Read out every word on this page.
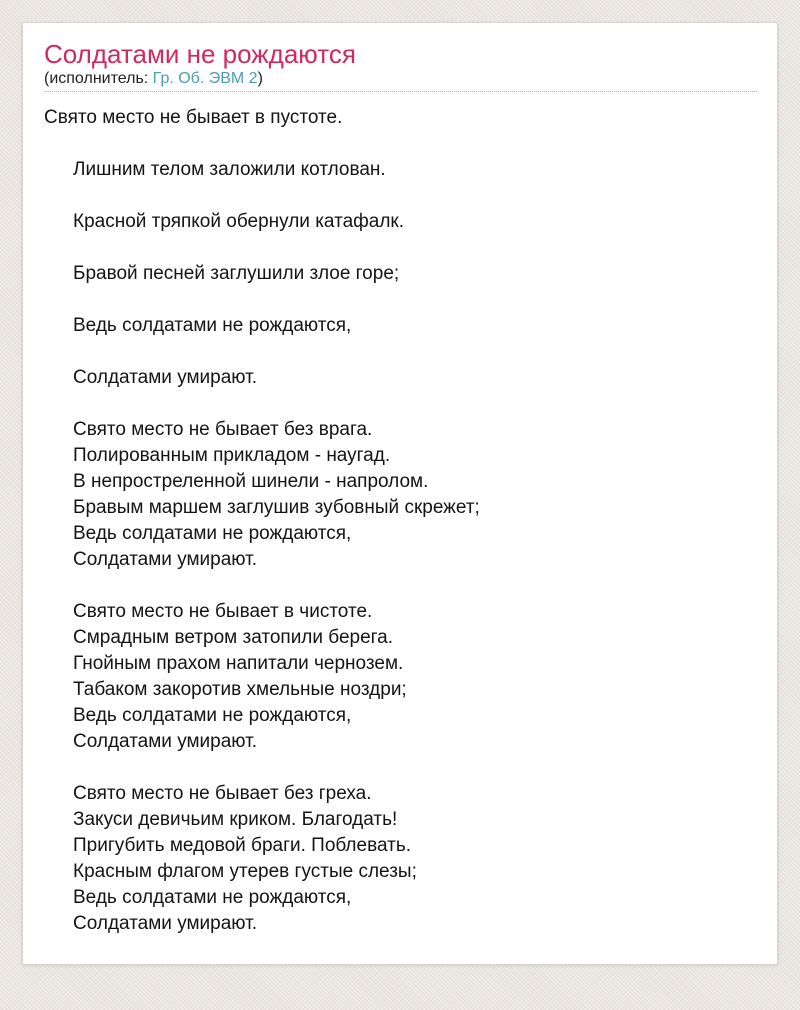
Солдатами не рождаются
(исполнитель: Гр. Об. ЭВМ 2)
Свято место не бывает в пустоте.
Лишним телом заложили котлован.
Красной тряпкой обернули катафалк.
Бравой песней заглушили злое горе;
Ведь солдатами не рождаются,
Солдатами умирают.
Свято место не бывает без врага.
Полированным прикладом - наугад.
В непростреленной шинели - напролом.
Бравым маршем заглушив зубовный скрежет;
Ведь солдатами не рождаются,
Солдатами умирают.
Свято место не бывает в чистоте.
Смрадным ветром затопили берега.
Гнойным прахом напитали чернозем.
Табаком закоротив хмельные ноздри;
Ведь солдатами не рождаются,
Солдатами умирают.
Свято место не бывает без греха.
Закуси девичьим криком. Благодать!
Пригубить медовой браги. Поблевать.
Красным флагом утерев густые слезы;
Ведь солдатами не рождаются,
Солдатами умирают.
